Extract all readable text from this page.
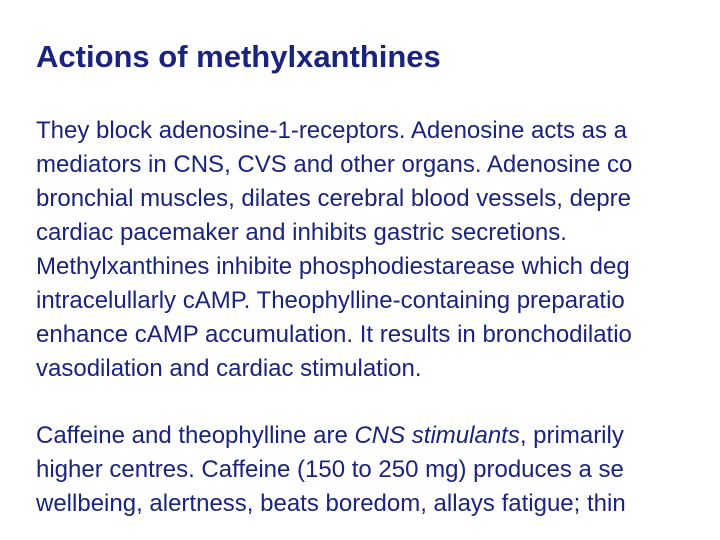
Actions of methylxanthines

They block adenosine-1-receptors. Adenosine acts as a

mediators in CNS, CVS and other organs. Adenosine co

bronchial muscles, dilates cerebral blood vessels, depre

cardiac pacemaker and inhibits gastric secretions.

Methylxanthines inhibite phosphodiestarease which deg

intracelullarly cAMP. Theophylline-containing preparatio

enhance cAMP accumulation. It results in bronchodilatio

vasodilation and cardiac stimulation.

Caffeine and theophylline are CNS stimulants, primarily

higher centres. Caffeine (150 to 250 mg) produces a se

wellbeing, alertness, beats boredom, allays fatigue; thin
